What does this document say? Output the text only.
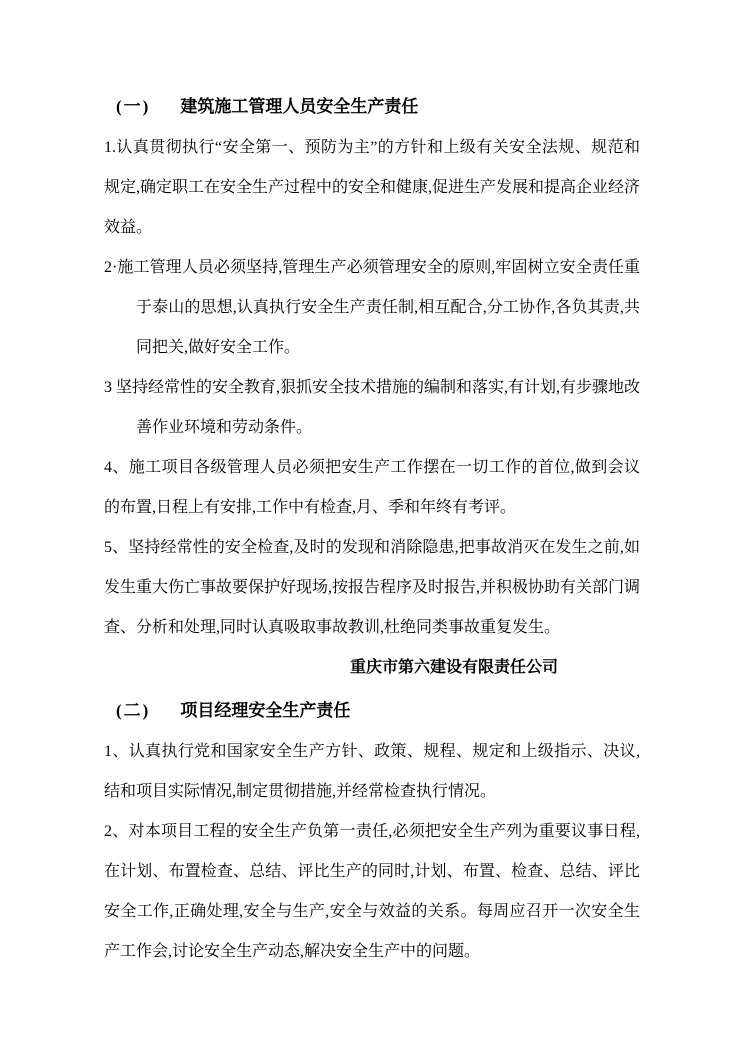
(一) 建筑施工管理人员安全生产责任

1.认真贯彻执行“安全第一、预防为主”的方针和上级有关安全法规、规范和规定,确定职工在安全生产过程中的安全和健康,促进生产发展和提高企业经济效益。

2·施工管理人员必须坚持,管理生产必须管理安全的原则,牢固树立安全责任重于泰山的思想,认真执行安全生产责任制,相互配合,分工协作,各负其责,共同把关,做好安全工作。

3 坚持经常性的安全教育,狠抓安全技术措施的编制和落实,有计划,有步骤地改善作业环境和劳动条件。

4、施工项目各级管理人员必须把安生产工作摆在一切工作的首位,做到会议的布置,日程上有安排,工作中有检查,月、季和年终有考评。

5、坚持经常性的安全检查,及时的发现和消除隐患,把事故消灭在发生之前,如发生重大伤亡事故要保护好现场,按报告程序及时报告,并积极协助有关部门调查、分析和处理,同时认真吸取事故教训,杜绝同类事故重复发生。

重庆市第六建设有限责任公司

(二) 项目经理安全生产责任

1、认真执行党和国家安全生产方针、政策、规程、规定和上级指示、决议,结和项目实际情况,制定贯彻措施,并经常检查执行情况。

2、对本项目工程的安全生产负第一责任,必须把安全生产列为重要议事日程,在计划、布置检查、总结、评比生产的同时,计划、布置、检查、总结、评比安全工作,正确处理,安全与生产,安全与效益的关系。每周应召开一次安全生产工作会,讨论安全生产动态,解决安全生产中的问题。
